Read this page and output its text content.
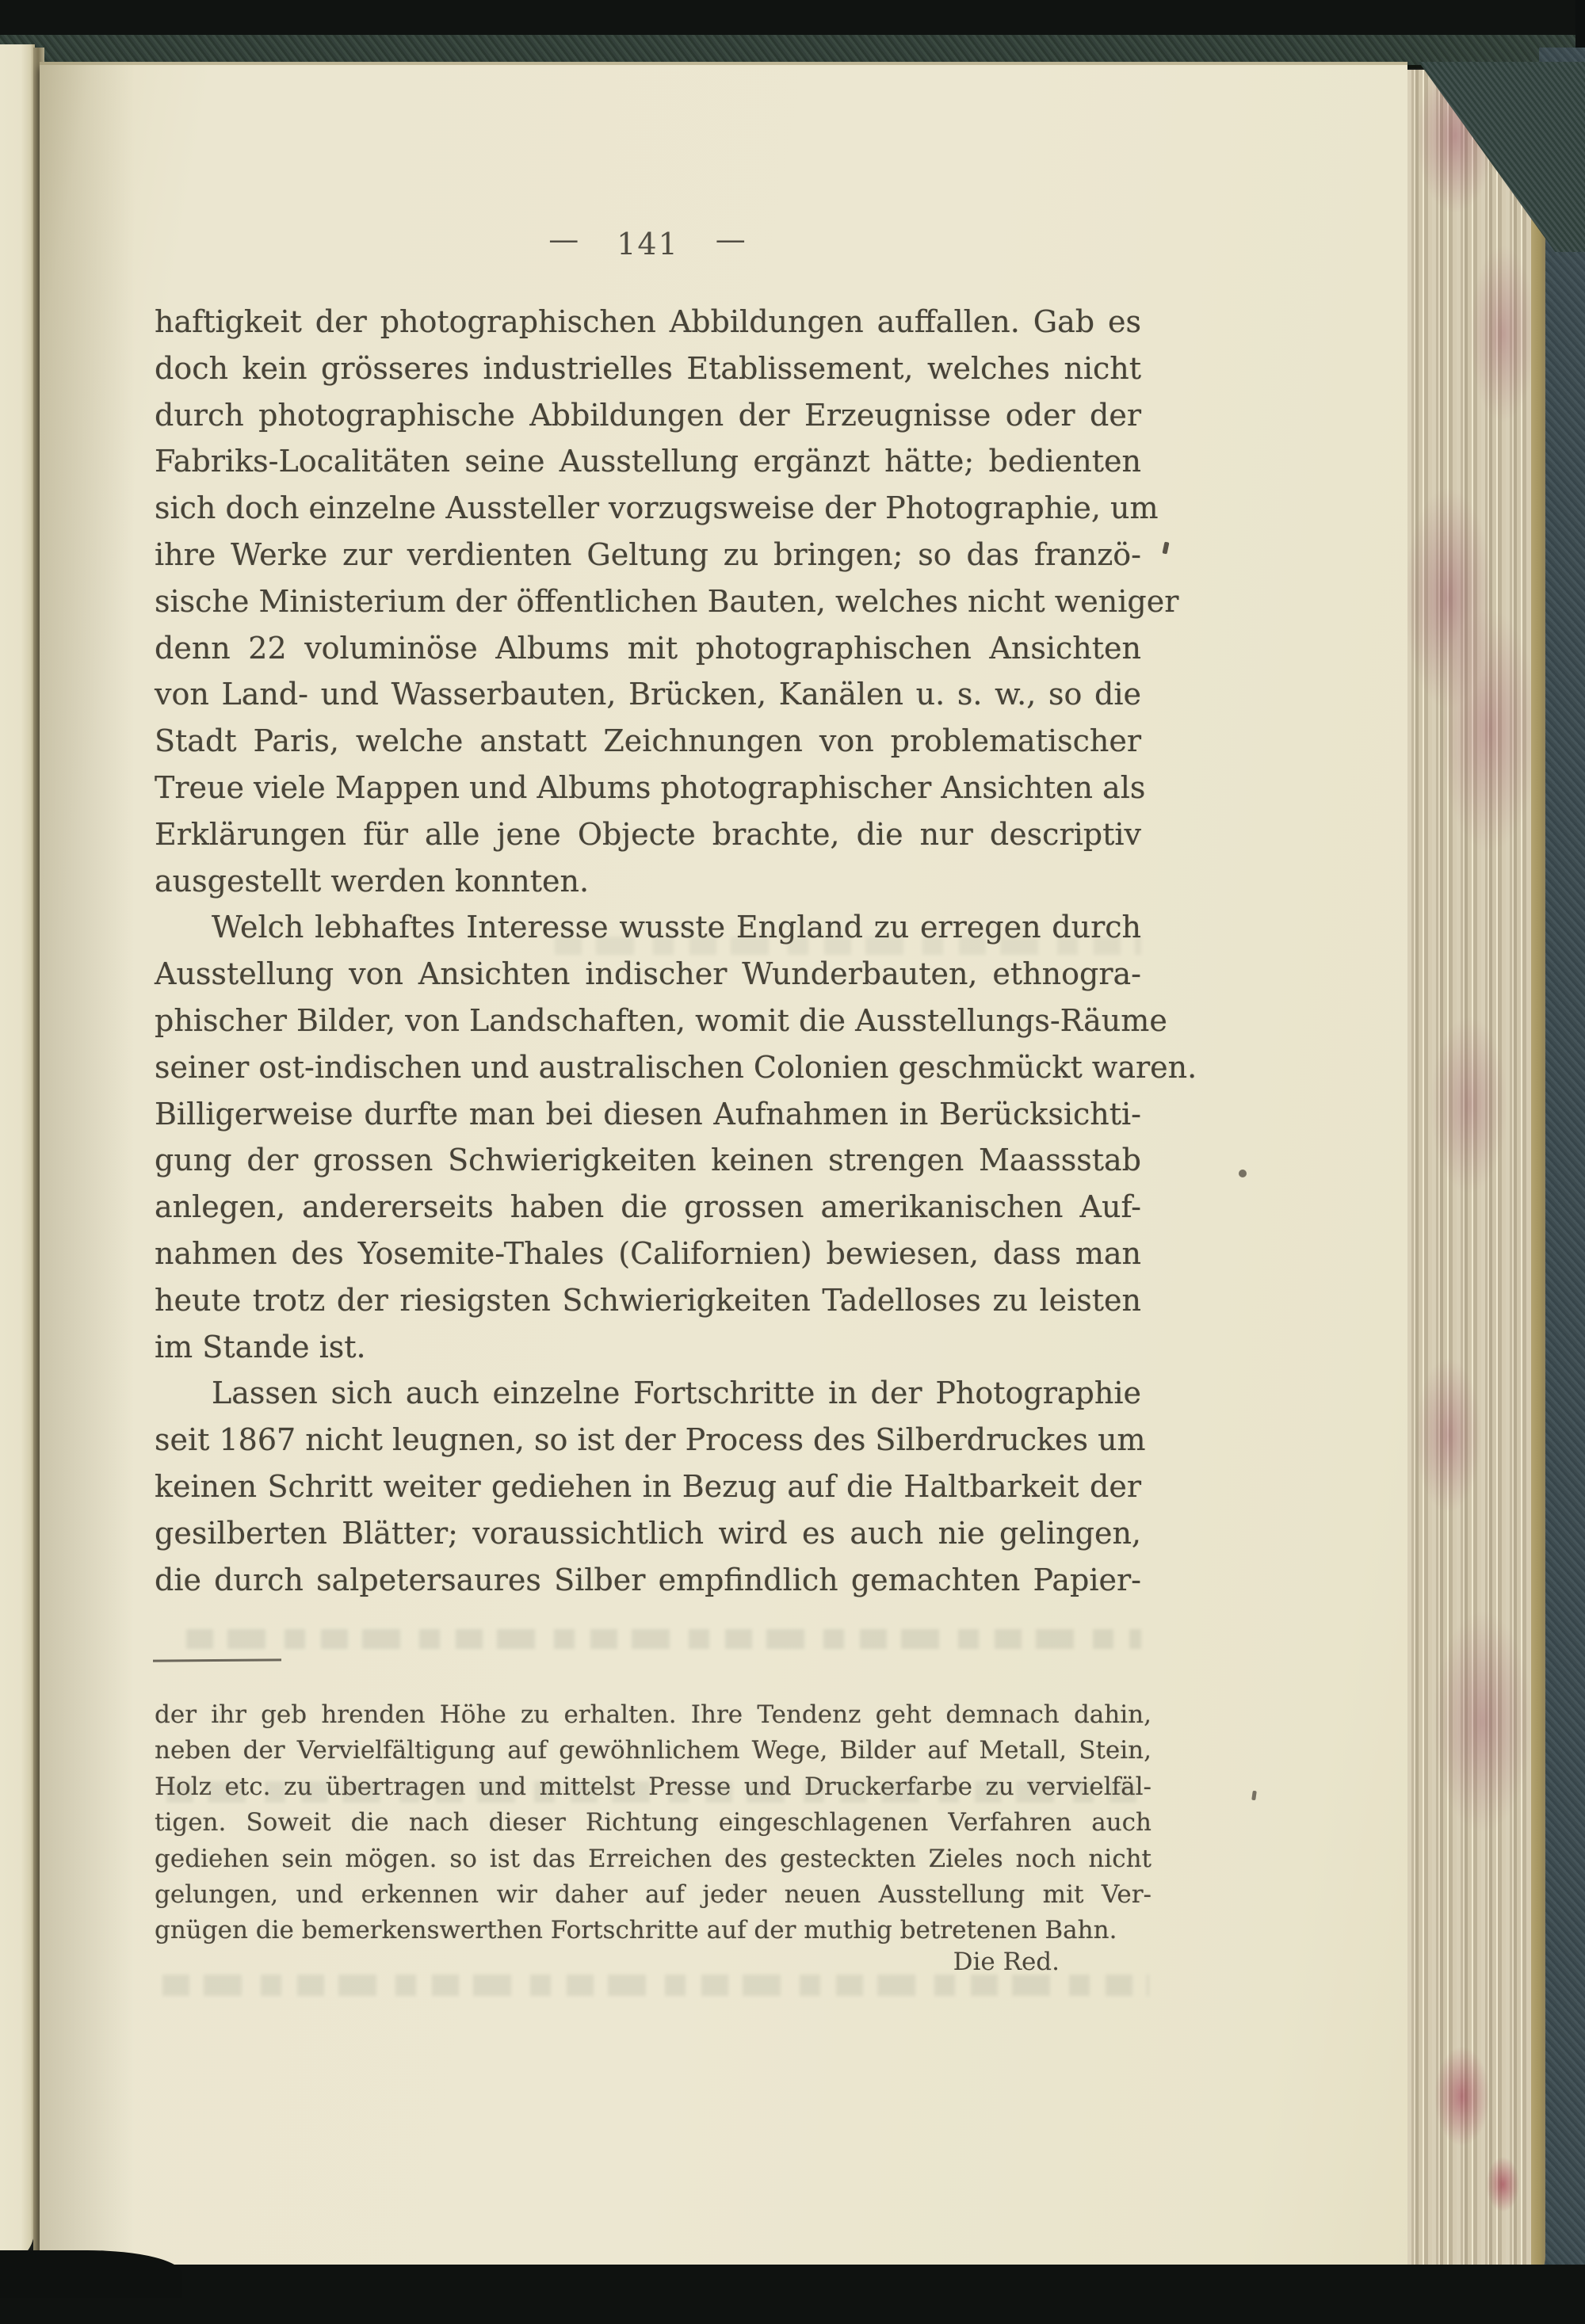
— 141 —
haftigkeit der photographischen Abbildungen auffallen. Gab es
doch kein grösseres industrielles Etablissement, welches nicht
durch photographische Abbildungen der Erzeugnisse oder der
Fabriks-Localitäten seine Ausstellung ergänzt hätte; bedienten
sich doch einzelne Aussteller vorzugsweise der Photographie, um
ihre Werke zur verdienten Geltung zu bringen; so das franzö-
sische Ministerium der öffentlichen Bauten, welches nicht weniger
denn 22 voluminöse Albums mit photographischen Ansichten
von Land- und Wasserbauten, Brücken, Kanälen u. s. w., so die
Stadt Paris, welche anstatt Zeichnungen von problematischer
Treue viele Mappen und Albums photographischer Ansichten als
Erklärungen für alle jene Objecte brachte, die nur descriptiv
ausgestellt werden konnten.
Welch lebhaftes Interesse wusste England zu erregen durch
Ausstellung von Ansichten indischer Wunderbauten, ethnogra-
phischer Bilder, von Landschaften, womit die Ausstellungs-Räume
seiner ost-indischen und australischen Colonien geschmückt waren.
Billigerweise durfte man bei diesen Aufnahmen in Berücksichti-
gung der grossen Schwierigkeiten keinen strengen Maassstab
anlegen, andererseits haben die grossen amerikanischen Auf-
nahmen des Yosemite-Thales (Californien) bewiesen, dass man
heute trotz der riesigsten Schwierigkeiten Tadelloses zu leisten
im Stande ist.
Lassen sich auch einzelne Fortschritte in der Photographie
seit 1867 nicht leugnen, so ist der Process des Silberdruckes um
keinen Schritt weiter gediehen in Bezug auf die Haltbarkeit der
gesilberten Blätter; voraussichtlich wird es auch nie gelingen,
die durch salpetersaures Silber empfindlich gemachten Papier-
der ihr geb hrenden Höhe zu erhalten. Ihre Tendenz geht demnach dahin,
neben der Vervielfältigung auf gewöhnlichem Wege, Bilder auf Metall, Stein,
Holz etc. zu übertragen und mittelst Presse und Druckerfarbe zu vervielfäl-
tigen. Soweit die nach dieser Richtung eingeschlagenen Verfahren auch
gediehen sein mögen. so ist das Erreichen des gesteckten Zieles noch nicht
gelungen, und erkennen wir daher auf jeder neuen Ausstellung mit Ver-
gnügen die bemerkenswerthen Fortschritte auf der muthig betretenen Bahn.
Die Red.
